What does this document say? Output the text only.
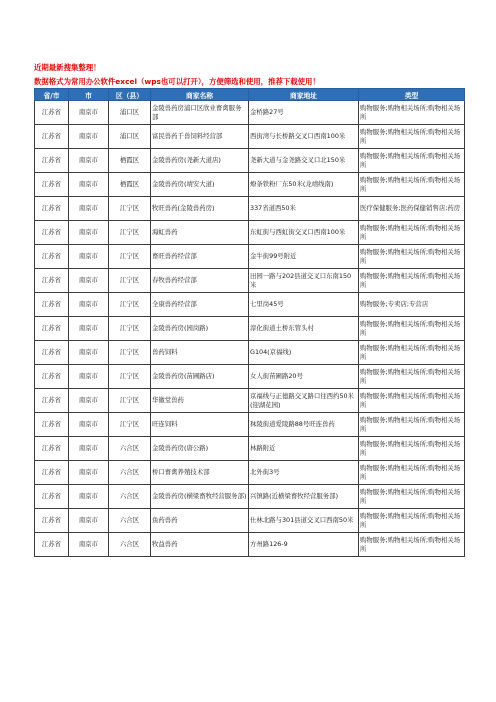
近期最新搜集整理！
数据格式为常用办公软件excel（wps也可以打开），方便筛选和使用，推荐下载使用！
省/市	市	区（县）	商家名称	商家地址	类型
江苏省	南京市	浦口区	金陵兽药房浦口区欣业畜禽服务部	金桥路27号	购物服务;购物相关场所;购物相关场所
江苏省	南京市	浦口区	富民兽药千兽饲料经营部	西街湾与长桥路交叉口西南100米	购物服务;购物相关场所;购物相关场所
江苏省	南京市	栖霞区	金陵兽药房(尧新大道店)	尧新大道与金尧路交叉口北150米	购物服务;购物相关场所;购物相关场所
江苏省	南京市	栖霞区	金陵兽药房(靖安大道)	燎条铁粉厂东50米(龙靖线南)	购物服务;购物相关场所;购物相关场所
江苏省	南京市	江宁区	牧旺兽药(金陵兽药房)	337省道西50米	医疗保健服务;医药保健销售店;药房
江苏省	南京市	江宁区	海虹兽药	东虹街与西虹街交叉口西南100米	购物服务;购物相关场所;购物相关场所
江苏省	南京市	江宁区	畜旺兽药经营部	金牛街99号附近	购物服务;购物相关场所;购物相关场所
江苏省	南京市	江宁区	春牧兽药经营部	田园一路与202县道交叉口东南150米	购物服务;购物相关场所;购物相关场所
江苏省	南京市	江宁区	全康兽药经营部	七里岗45号	购物服务;专卖店;专营店
江苏省	南京市	江宁区	金陵兽药房(园岗路)	淳化街道土桥东管头村	购物服务;购物相关场所;购物相关场所
江苏省	南京市	江宁区	兽药饲料	G104(京福线)	购物服务;购物相关场所;购物相关场所
江苏省	南京市	江宁区	金陵兽药房(苗圃路店)	女人街苗圃路20号	购物服务;购物相关场所;购物相关场所
江苏省	南京市	江宁区	华徽堂兽药	京福线与正德路交叉路口往西约50米(迎湖花园)	购物服务;购物相关场所;购物相关场所
江苏省	南京市	江宁区	旺连饲料	秣陵街道爱陵路88号旺连兽药	购物服务;购物相关场所;购物相关场所
江苏省	南京市	六合区	金陵兽药房(唐公路)	林路附近	购物服务;购物相关场所;购物相关场所
江苏省	南京市	六合区	桥口畜禽养殖技术部	北外街3号	购物服务;购物相关场所;购物相关场所
江苏省	南京市	六合区	金陵兽药房(横梁畜牧经营服务部)	兴镇路(近横梁畜牧经营服务部)	购物服务;购物相关场所;购物相关场所
江苏省	南京市	六合区	鱼药兽药	仕林北路与301县道交叉口西南50米	购物服务;购物相关场所;购物相关场所
江苏省	南京市	六合区	牧益兽药	方州路126-9	购物服务;购物相关场所;购物相关场所
